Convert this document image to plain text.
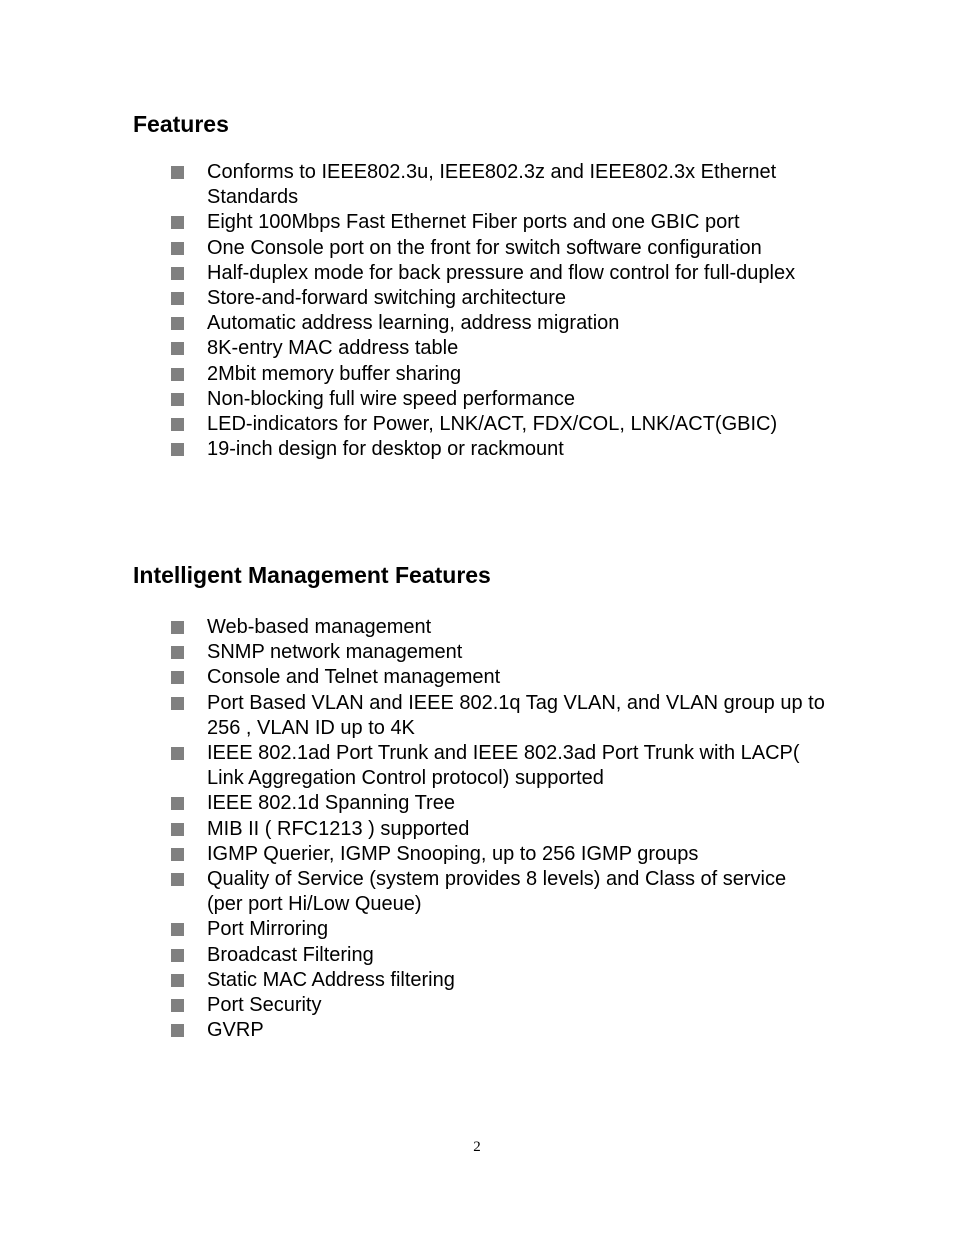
Features
Conforms to IEEE802.3u, IEEE802.3z and IEEE802.3x Ethernet Standards
Eight 100Mbps Fast Ethernet Fiber ports and one GBIC port
One Console port on the front for switch software configuration
Half-duplex mode for back pressure and flow control for full-duplex
Store-and-forward switching architecture
Automatic address learning, address migration
8K-entry MAC address table
2Mbit memory buffer sharing
Non-blocking full wire speed performance
LED-indicators for Power, LNK/ACT, FDX/COL, LNK/ACT(GBIC)
19-inch design for desktop or rackmount
Intelligent Management Features
Web-based management
SNMP network management
Console and Telnet management
Port Based VLAN and IEEE 802.1q Tag VLAN, and VLAN group up to 256 , VLAN ID up to 4K
IEEE 802.1ad Port Trunk and IEEE 802.3ad Port Trunk with LACP( Link Aggregation Control protocol) supported
IEEE 802.1d Spanning Tree
MIB II ( RFC1213 ) supported
IGMP Querier, IGMP Snooping, up to 256 IGMP groups
Quality of Service (system provides 8 levels) and Class of service (per port Hi/Low Queue)
Port Mirroring
Broadcast Filtering
Static MAC Address filtering
Port Security
GVRP
2
